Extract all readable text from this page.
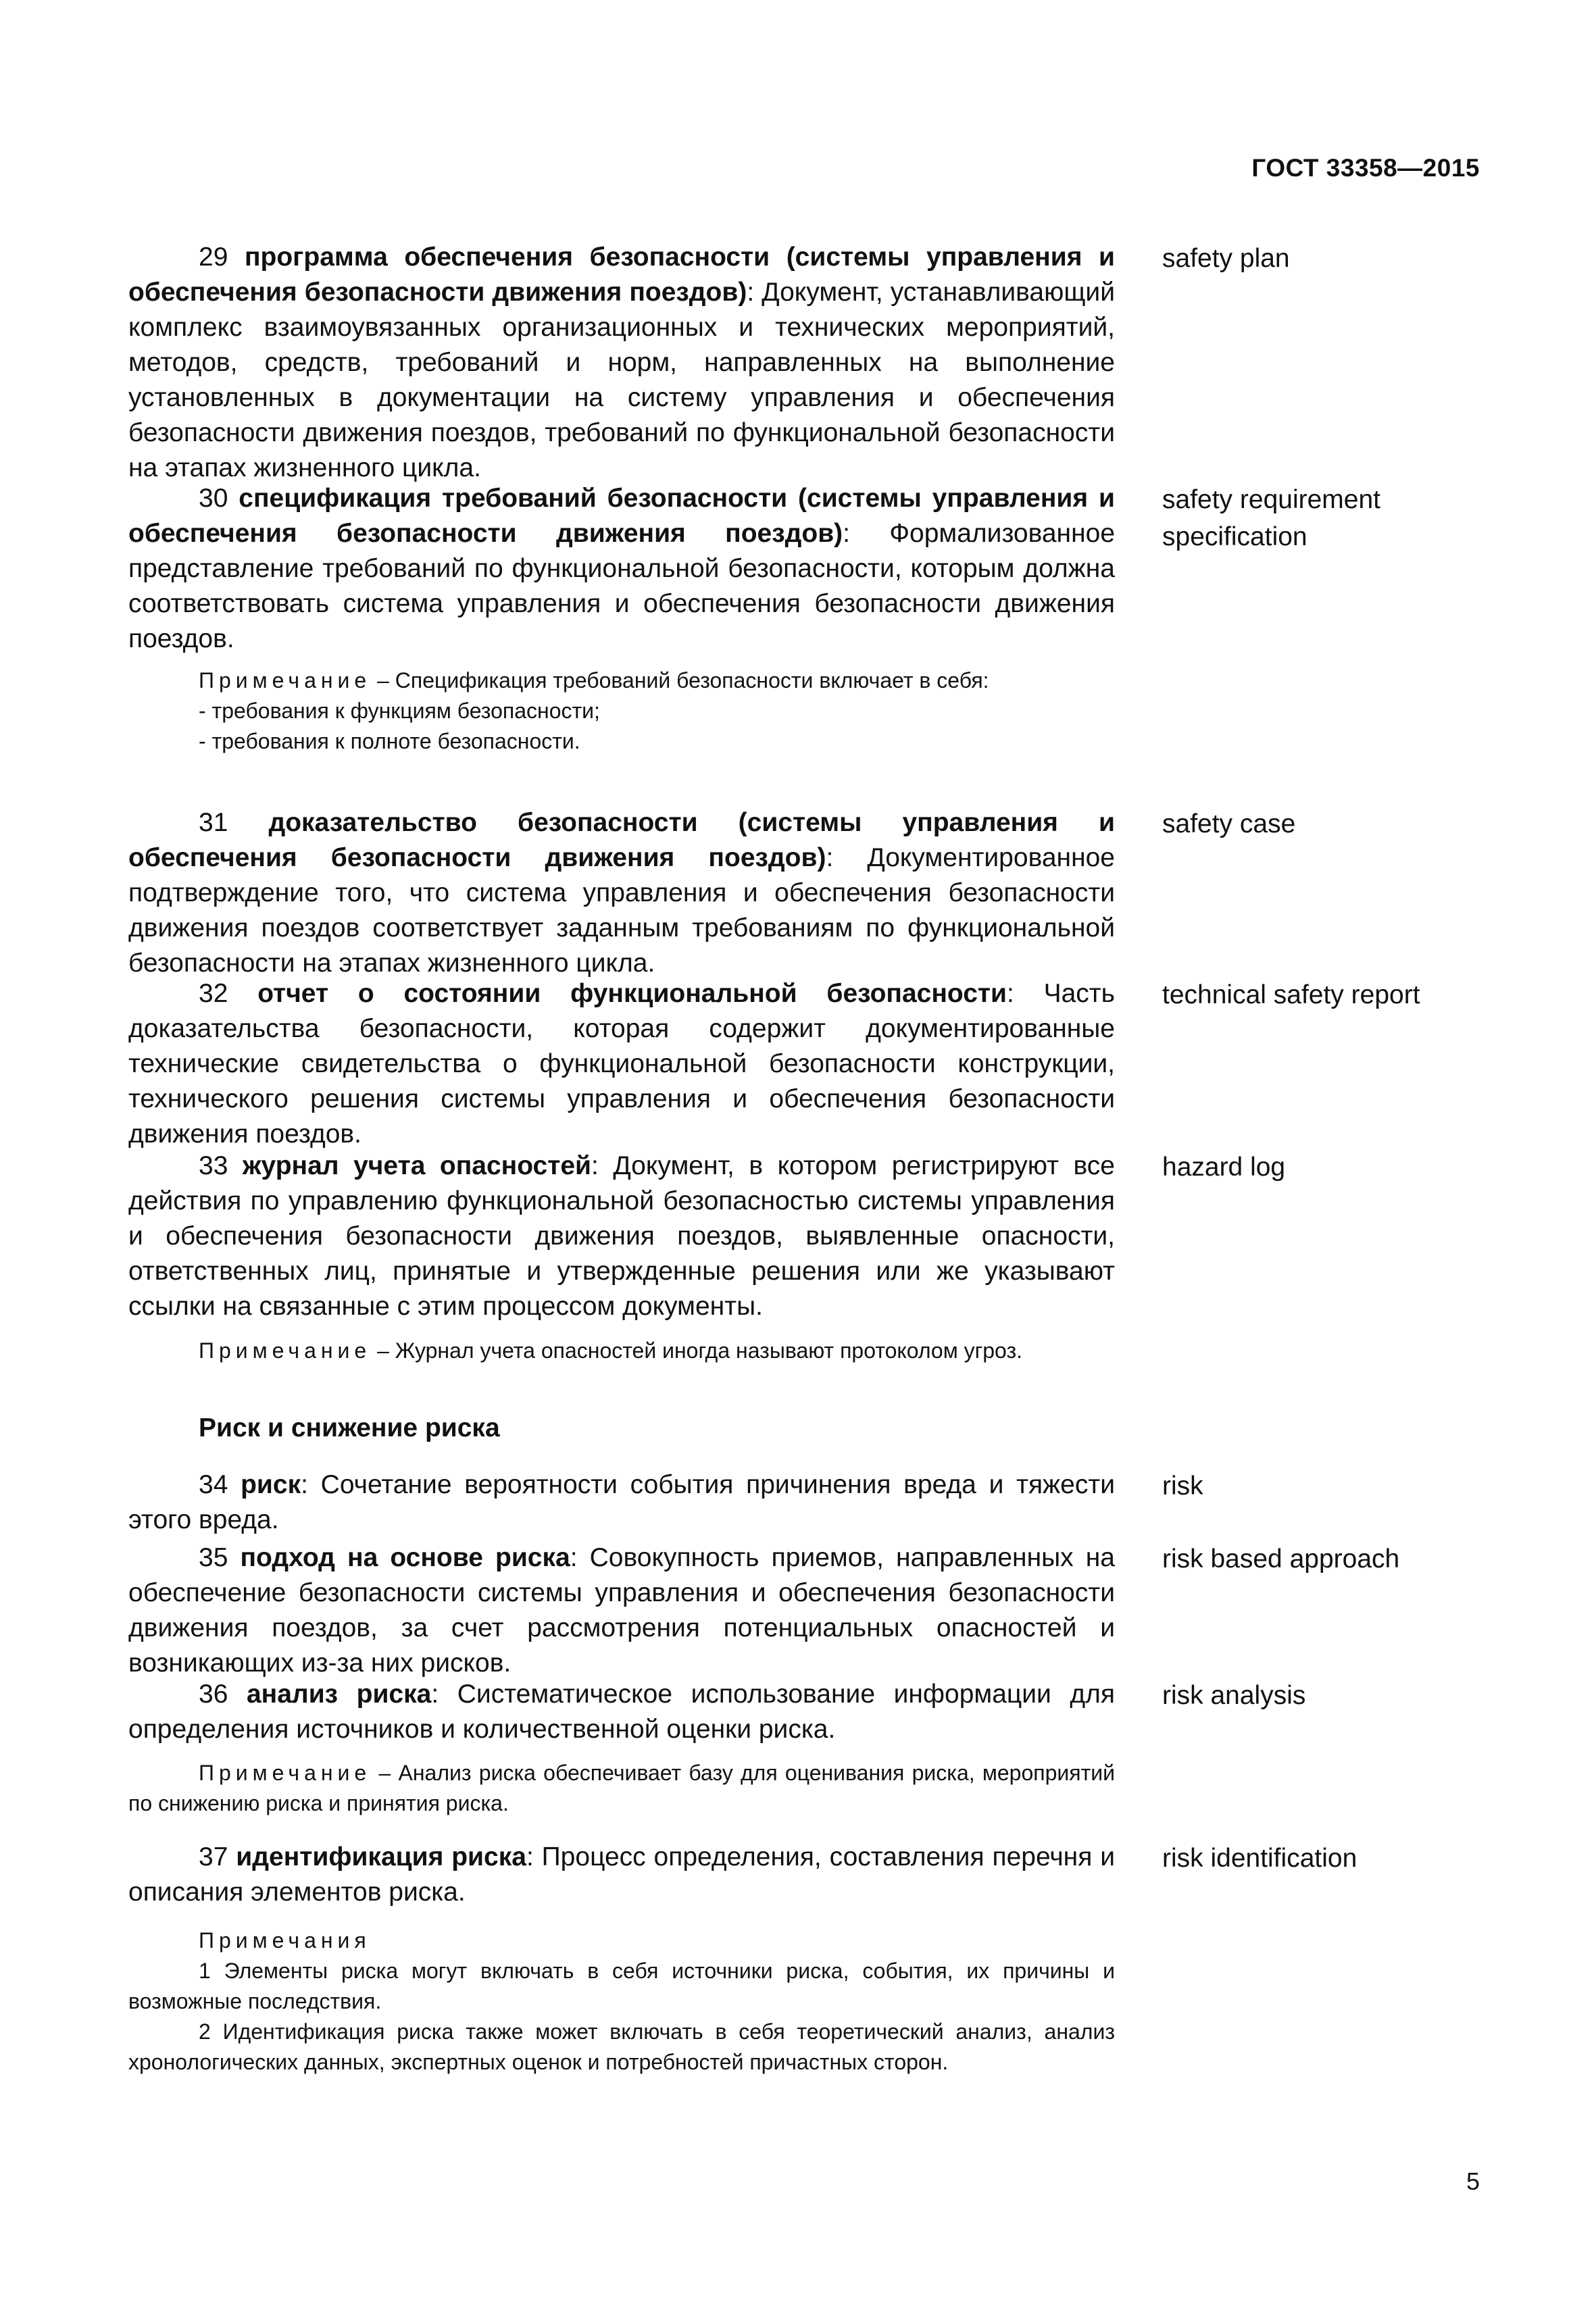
ГОСТ 33358—2015
29 программа обеспечения безопасности (системы управления и обеспечения безопасности движения поездов): Документ, устанавливающий комплекс взаимоувязанных организационных и технических мероприятий, методов, средств, требований и норм, направленных на выполнение установленных в документации на систему управления и обеспечения безопасности движения поездов, требований по функциональной безопасности на этапах жизненного цикла.
safety plan
30 спецификация требований безопасности (системы управления и обеспечения безопасности движения поездов): Формализованное представление требований по функциональной безопасности, которым должна соответствовать система управления и обеспечения безопасности движения поездов.
safety requirement specification
Примечание – Спецификация требований безопасности включает в себя:
- требования к функциям безопасности;
- требования к полноте безопасности.
31 доказательство безопасности (системы управления и обеспечения безопасности движения поездов): Документированное подтверждение того, что система управления и обеспечения безопасности движения поездов соответствует заданным требованиям по функциональной безопасности на этапах жизненного цикла.
safety case
32 отчет о состоянии функциональной безопасности: Часть доказательства безопасности, которая содержит документированные технические свидетельства о функциональной безопасности конструкции, технического решения системы управления и обеспечения безопасности движения поездов.
technical safety report
33 журнал учета опасностей: Документ, в котором регистрируют все действия по управлению функциональной безопасностью системы управления и обеспечения безопасности движения поездов, выявленные опасности, ответственных лиц, принятые и утвержденные решения или же указывают ссылки на связанные с этим процессом документы.
hazard log
Примечание – Журнал учета опасностей иногда называют протоколом угроз.
Риск и снижение риска
34 риск: Сочетание вероятности события причинения вреда и тяжести этого вреда.
risk
35 подход на основе риска: Совокупность приемов, направленных на обеспечение безопасности системы управления и обеспечения безопасности движения поездов, за счет рассмотрения потенциальных опасностей и возникающих из-за них рисков.
risk based approach
36 анализ риска: Систематическое использование информации для определения источников и количественной оценки риска.
risk analysis
Примечание – Анализ риска обеспечивает базу для оценивания риска, мероприятий по снижению риска и принятия риска.
37 идентификация риска: Процесс определения, составления перечня и описания элементов риска.
risk identification
Примечания
1 Элементы риска могут включать в себя источники риска, события, их причины и возможные последствия.
2 Идентификация риска также может включать в себя теоретический анализ, анализ хронологических данных, экспертных оценок и потребностей причастных сторон.
5
